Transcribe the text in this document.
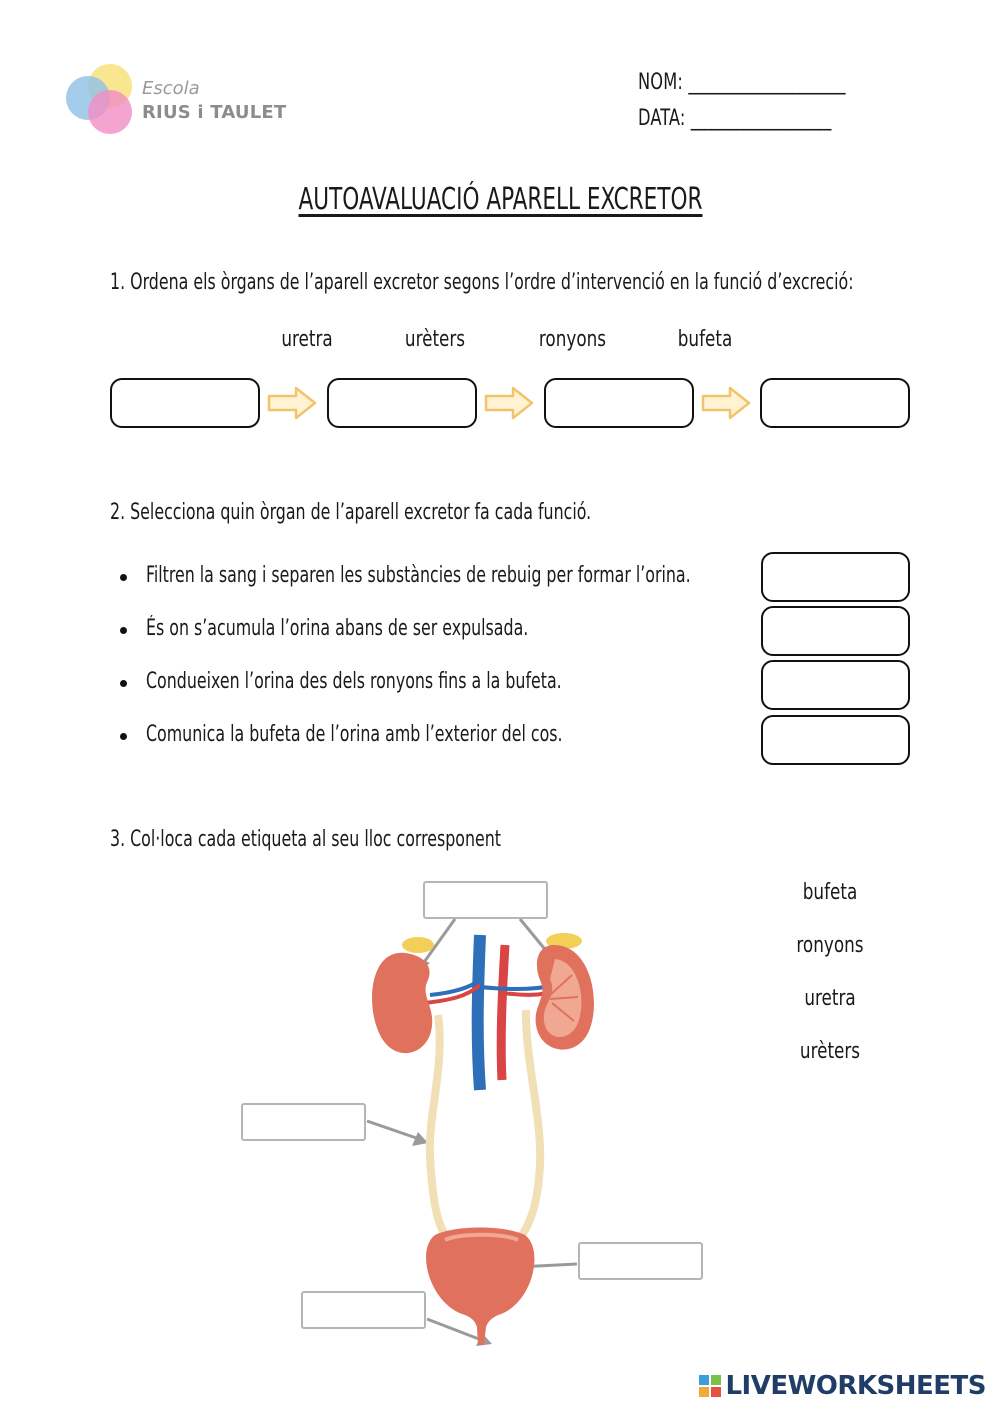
Escola
RIUS i TAULET
NOM: ___________________
DATA: _________________
AUTOAVALUACIÓ APARELL EXCRETOR
1. Ordena els òrgans de l’aparell excretor segons l’ordre d’intervenció en la funció d’excreció:
uretra	urèters	ronyons	bufeta
2. Selecciona quin òrgan de l’aparell excretor fa cada funció.
Filtren la sang i separen les substàncies de rebuig per formar l’orina.
És on s’acumula l’orina abans de ser expulsada.
Condueixen l’orina des dels ronyons fins a la bufeta.
Comunica la bufeta de l’orina amb l’exterior del cos.
3. Col·loca cada etiqueta al seu lloc corresponent
bufeta
ronyons
uretra
urèters
LIVEWORKSHEETS
